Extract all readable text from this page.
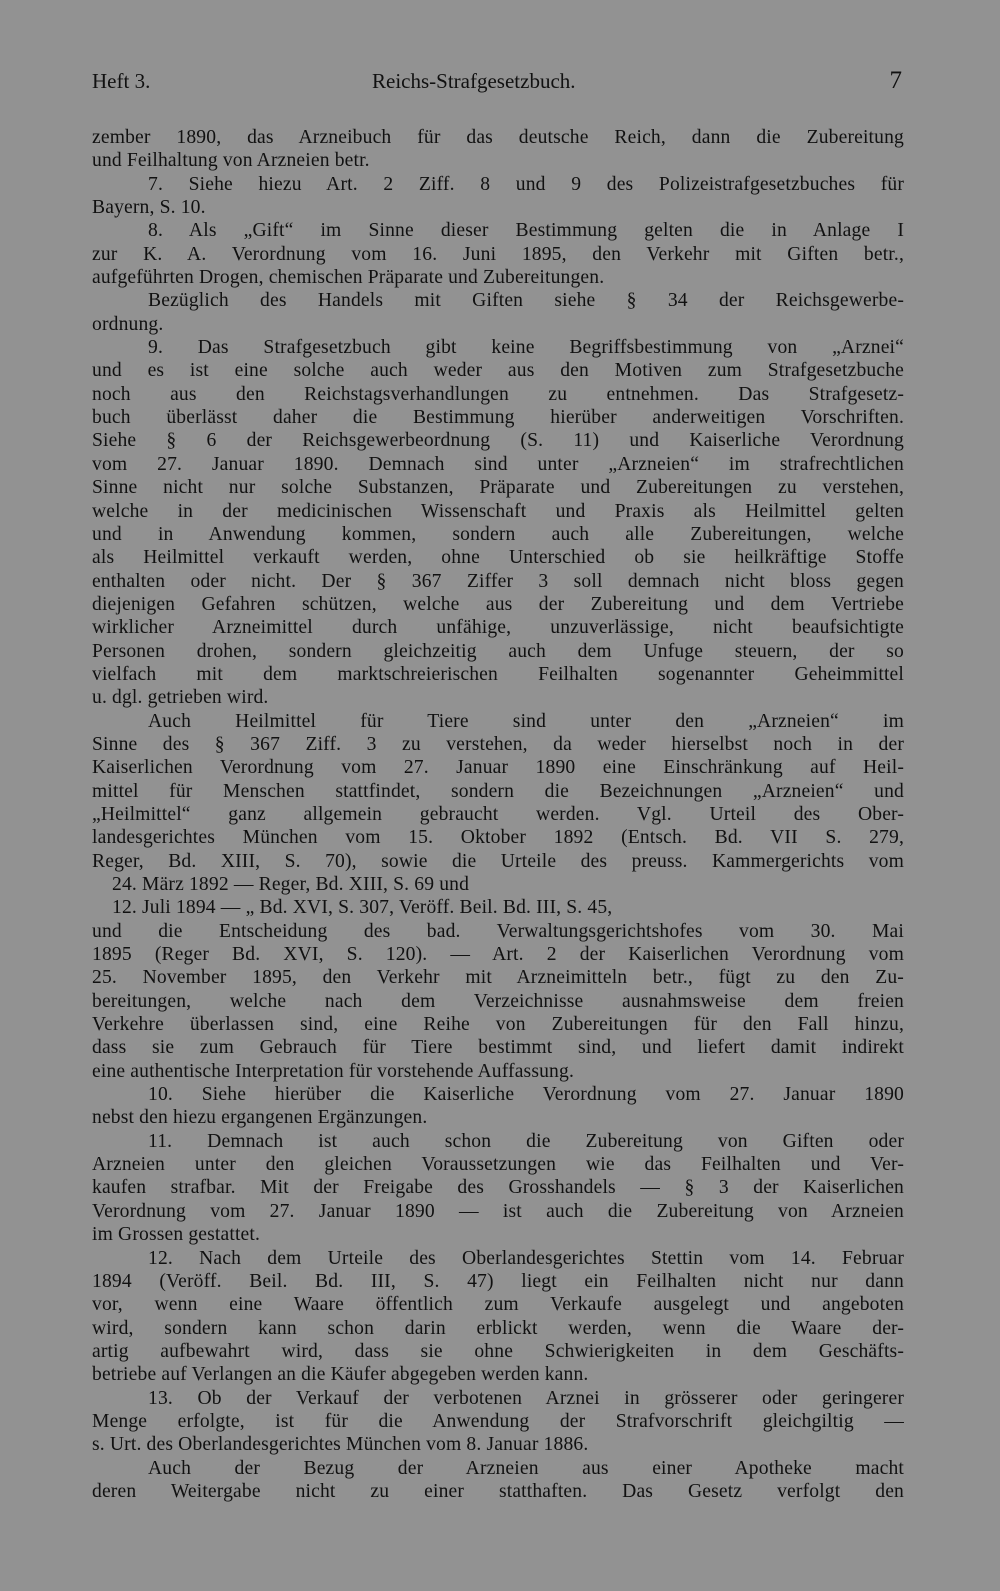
Heft 3.	Reichs-Strafgesetzbuch.	7
zember 1890, das Arzneibuch für das deutsche Reich, dann die Zubereitung
und Feilhaltung von Arzneien betr.
7. Siehe hiezu Art. 2 Ziff. 8 und 9 des Polizeistrafgesetzbuches für
Bayern, S. 10.
8. Als „Gift“ im Sinne dieser Bestimmung gelten die in Anlage I
zur K. A. Verordnung vom 16. Juni 1895, den Verkehr mit Giften betr.,
aufgeführten Drogen, chemischen Präparate und Zubereitungen.
Bezüglich des Handels mit Giften siehe § 34 der Reichsgewerbe-
ordnung.
9. Das Strafgesetzbuch gibt keine Begriffsbestimmung von „Arznei“
und es ist eine solche auch weder aus den Motiven zum Strafgesetzbuche
noch aus den Reichstagsverhandlungen zu entnehmen. Das Strafgesetz-
buch überlässt daher die Bestimmung hierüber anderweitigen Vorschriften.
Siehe § 6 der Reichsgewerbeordnung (S. 11) und Kaiserliche Verordnung
vom 27. Januar 1890. Demnach sind unter „Arzneien“ im strafrechtlichen
Sinne nicht nur solche Substanzen, Präparate und Zubereitungen zu verstehen,
welche in der medicinischen Wissenschaft und Praxis als Heilmittel gelten
und in Anwendung kommen, sondern auch alle Zubereitungen, welche
als Heilmittel verkauft werden, ohne Unterschied ob sie heilkräftige Stoffe
enthalten oder nicht. Der § 367 Ziffer 3 soll demnach nicht bloss gegen
diejenigen Gefahren schützen, welche aus der Zubereitung und dem Vertriebe
wirklicher Arzneimittel durch unfähige, unzuverlässige, nicht beaufsichtigte
Personen drohen, sondern gleichzeitig auch dem Unfuge steuern, der so
vielfach mit dem marktschreierischen Feilhalten sogenannter Geheimmittel
u. dgl. getrieben wird.
Auch Heilmittel für Tiere sind unter den „Arzneien“ im
Sinne des § 367 Ziff. 3 zu verstehen, da weder hierselbst noch in der
Kaiserlichen Verordnung vom 27. Januar 1890 eine Einschränkung auf Heil-
mittel für Menschen stattfindet, sondern die Bezeichnungen „Arzneien“ und
„Heilmittel“ ganz allgemein gebraucht werden. Vgl. Urteil des Ober-
landesgerichtes München vom 15. Oktober 1892 (Entsch. Bd. VII S. 279,
Reger, Bd. XIII, S. 70), sowie die Urteile des preuss. Kammergerichts vom
24. März 1892 — Reger, Bd. XIII, S. 69 und
12. Juli 1894 — „ Bd. XVI, S. 307, Veröff. Beil. Bd. III, S. 45,
und die Entscheidung des bad. Verwaltungsgerichtshofes vom 30. Mai
1895 (Reger Bd. XVI, S. 120). — Art. 2 der Kaiserlichen Verordnung vom
25. November 1895, den Verkehr mit Arzneimitteln betr., fügt zu den Zu-
bereitungen, welche nach dem Verzeichnisse ausnahmsweise dem freien
Verkehre überlassen sind, eine Reihe von Zubereitungen für den Fall hinzu,
dass sie zum Gebrauch für Tiere bestimmt sind, und liefert damit indirekt
eine authentische Interpretation für vorstehende Auffassung.
10. Siehe hierüber die Kaiserliche Verordnung vom 27. Januar 1890
nebst den hiezu ergangenen Ergänzungen.
11. Demnach ist auch schon die Zubereitung von Giften oder
Arzneien unter den gleichen Voraussetzungen wie das Feilhalten und Ver-
kaufen strafbar. Mit der Freigabe des Grosshandels — § 3 der Kaiserlichen
Verordnung vom 27. Januar 1890 — ist auch die Zubereitung von Arzneien
im Grossen gestattet.
12. Nach dem Urteile des Oberlandesgerichtes Stettin vom 14. Februar
1894 (Veröff. Beil. Bd. III, S. 47) liegt ein Feilhalten nicht nur dann
vor, wenn eine Waare öffentlich zum Verkaufe ausgelegt und angeboten
wird, sondern kann schon darin erblickt werden, wenn die Waare der-
artig aufbewahrt wird, dass sie ohne Schwierigkeiten in dem Geschäfts-
betriebe auf Verlangen an die Käufer abgegeben werden kann.
13. Ob der Verkauf der verbotenen Arznei in grösserer oder geringerer
Menge erfolgte, ist für die Anwendung der Strafvorschrift gleichgiltig —
s. Urt. des Oberlandesgerichtes München vom 8. Januar 1886.
Auch der Bezug der Arzneien aus einer Apotheke macht
deren Weitergabe nicht zu einer statthaften. Das Gesetz verfolgt den
